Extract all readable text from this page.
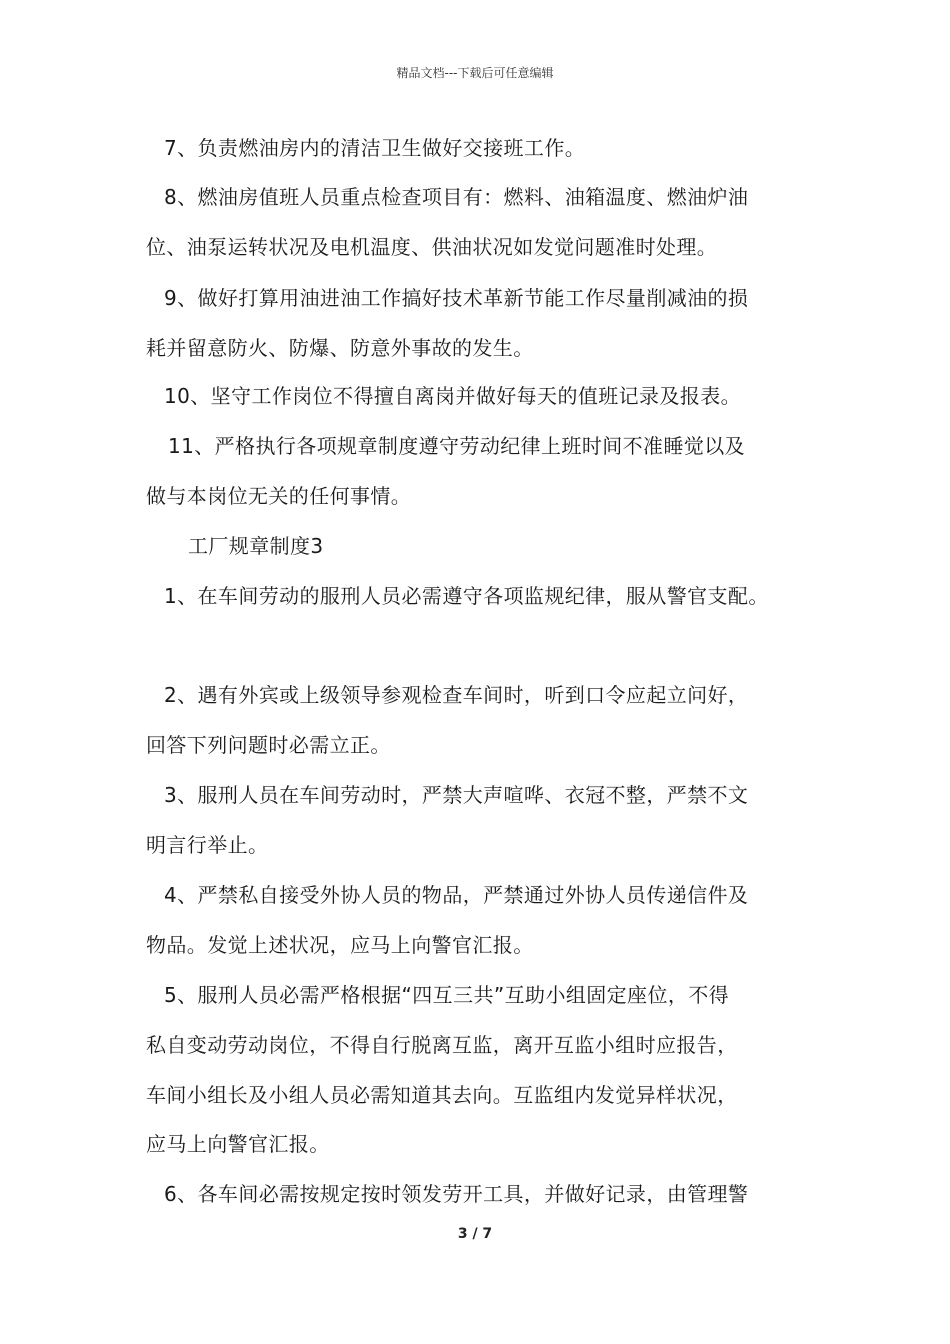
精品文档---下载后可任意编辑
7、负责燃油房内的清洁卫生做好交接班工作。
8、燃油房值班人员重点检查项目有：燃料、油箱温度、燃油炉油
位、油泵运转状况及电机温度、供油状况如发觉问题准时处理。
9、做好打算用油进油工作搞好技术革新节能工作尽量削减油的损
耗并留意防火、防爆、防意外事故的发生。
10、坚守工作岗位不得擅自离岗并做好每天的值班记录及报表。
11、严格执行各项规章制度遵守劳动纪律上班时间不准睡觉以及
做与本岗位无关的任何事情。
工厂规章制度3
1、在车间劳动的服刑人员必需遵守各项监规纪律，服从警官支配。
2、遇有外宾或上级领导参观检查车间时，听到口令应起立问好，
回答下列问题时必需立正。
3、服刑人员在车间劳动时，严禁大声喧哗、衣冠不整，严禁不文
明言行举止。
4、严禁私自接受外协人员的物品，严禁通过外协人员传递信件及
物品。发觉上述状况，应马上向警官汇报。
5、服刑人员必需严格根据“四互三共”互助小组固定座位，不得
私自变动劳动岗位，不得自行脱离互监，离开互监小组时应报告，
车间小组长及小组人员必需知道其去向。互监组内发觉异样状况，
应马上向警官汇报。
6、各车间必需按规定按时领发劳开工具，并做好记录，由管理警
3 / 7
